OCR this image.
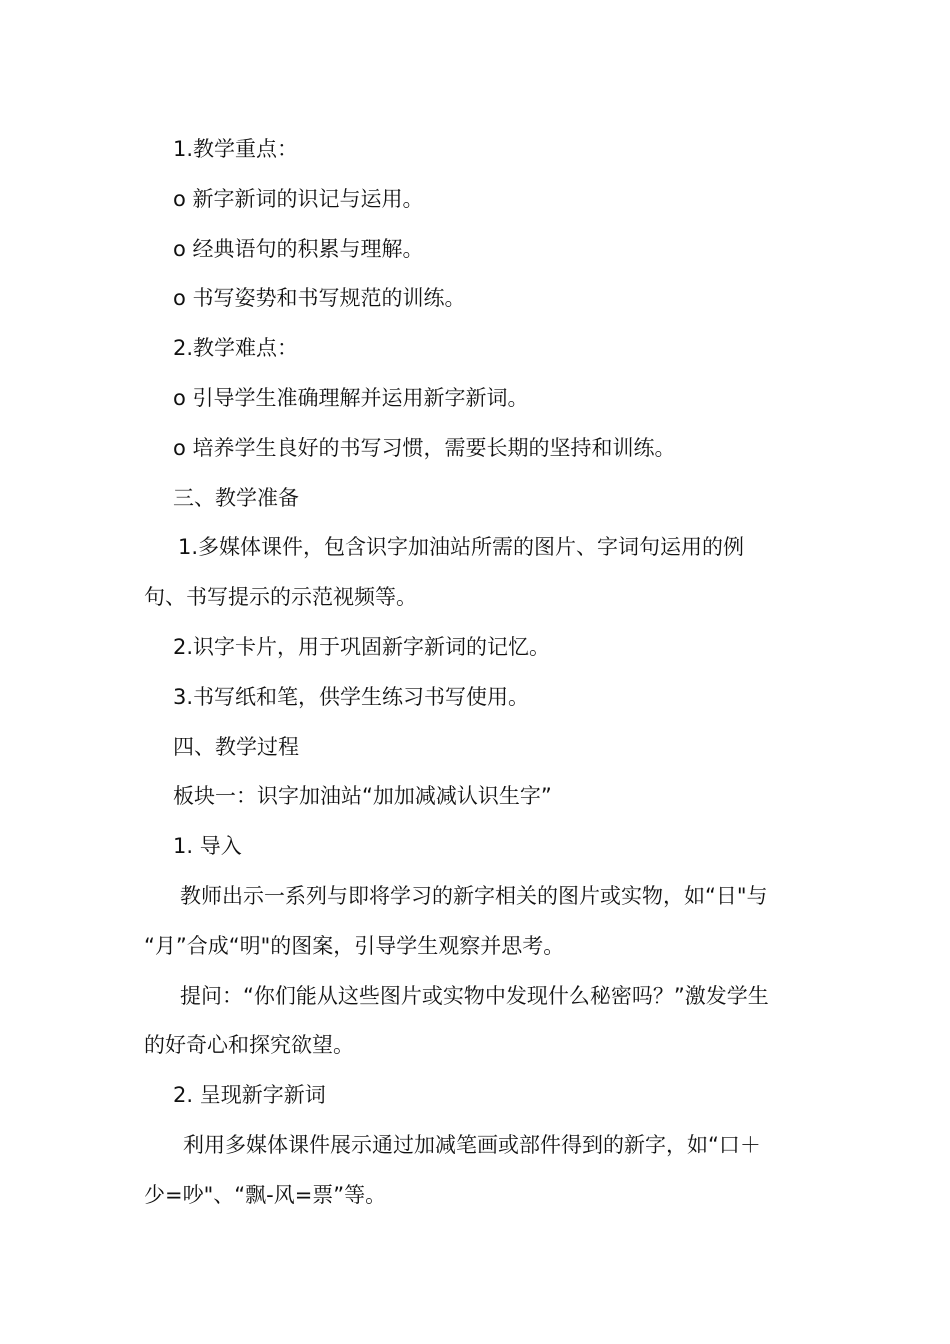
1.教学重点：
o 新字新词的识记与运用。
o 经典语句的积累与理解。
o 书写姿势和书写规范的训练。
2.教学难点：
o 引导学生准确理解并运用新字新词。
o 培养学生良好的书写习惯，需要长期的坚持和训练。
三、教学准备
1.多媒体课件，包含识字加油站所需的图片、字词句运用的例
句、书写提示的示范视频等。
2.识字卡片，用于巩固新字新词的记忆。
3.书写纸和笔，供学生练习书写使用。
四、教学过程
板块一：识字加油站“加加减减认识生字”
1. 导入
教师出示一系列与即将学习的新字相关的图片或实物，如“日"与
“月”合成“明"的图案，引导学生观察并思考。
提问：“你们能从这些图片或实物中发现什么秘密吗？”激发学生
的好奇心和探究欲望。
2. 呈现新字新词
利用多媒体课件展示通过加减笔画或部件得到的新字，如“口＋
少=吵"、“飘-风=票”等。
